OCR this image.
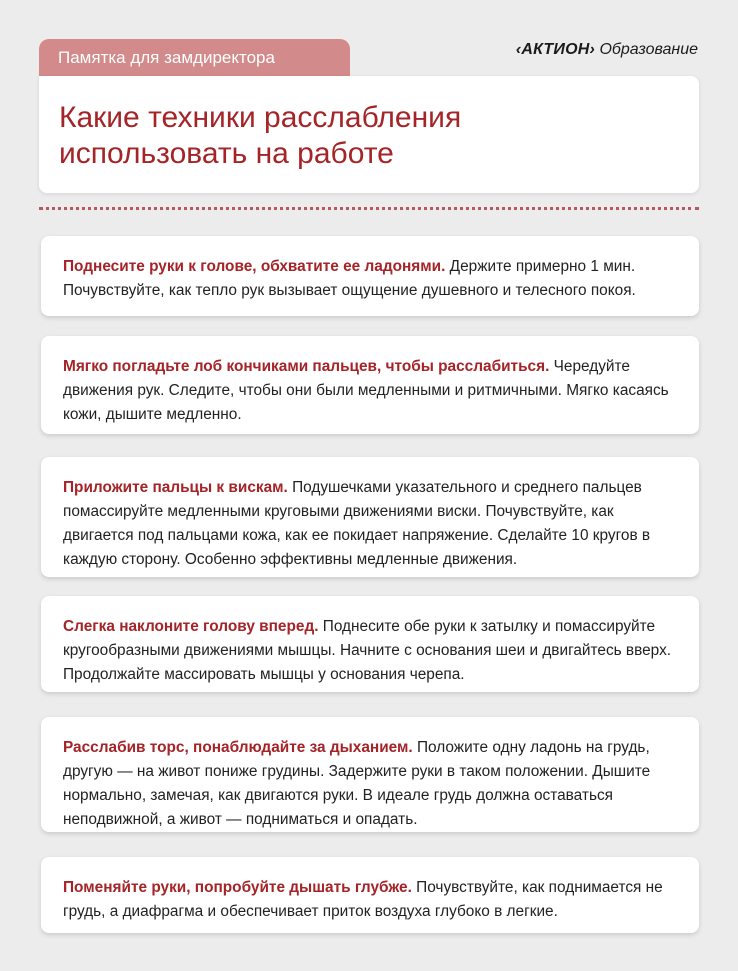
Памятка для замдиректора	‹АКТИОН› Образование
Какие техники расслабления
использовать на работе

Поднесите руки к голове, обхватите ее ладонями. Держите примерно 1 мин. Почувствуйте, как тепло рук вызывает ощущение душевного и телесного покоя.

Мягко погладьте лоб кончиками пальцев, чтобы расслабиться. Чередуйте движения рук. Следите, чтобы они были медленными и ритмичными. Мягко касаясь кожи, дышите медленно.

Приложите пальцы к вискам. Подушечками указательного и среднего пальцев помассируйте медленными круговыми движениями виски. Почувствуйте, как двигается под пальцами кожа, как ее покидает напряжение. Сделайте 10 кругов в каждую сторону. Особенно эффективны медленные движения.

Слегка наклоните голову вперед. Поднесите обе руки к затылку и помассируйте кругообразными движениями мышцы. Начните с основания шеи и двигайтесь вверх. Продолжайте массировать мышцы у основания черепа.

Расслабив торс, понаблюдайте за дыханием. Положите одну ладонь на грудь, другую — на живот пониже грудины. Задержите руки в таком положении. Дышите нормально, замечая, как двигаются руки. В идеале грудь должна оставаться неподвижной, а живот — подниматься и опадать.

Поменяйте руки, попробуйте дышать глубже. Почувствуйте, как поднимается не грудь, а диафрагма и обеспечивает приток воздуха глубоко в легкие.
